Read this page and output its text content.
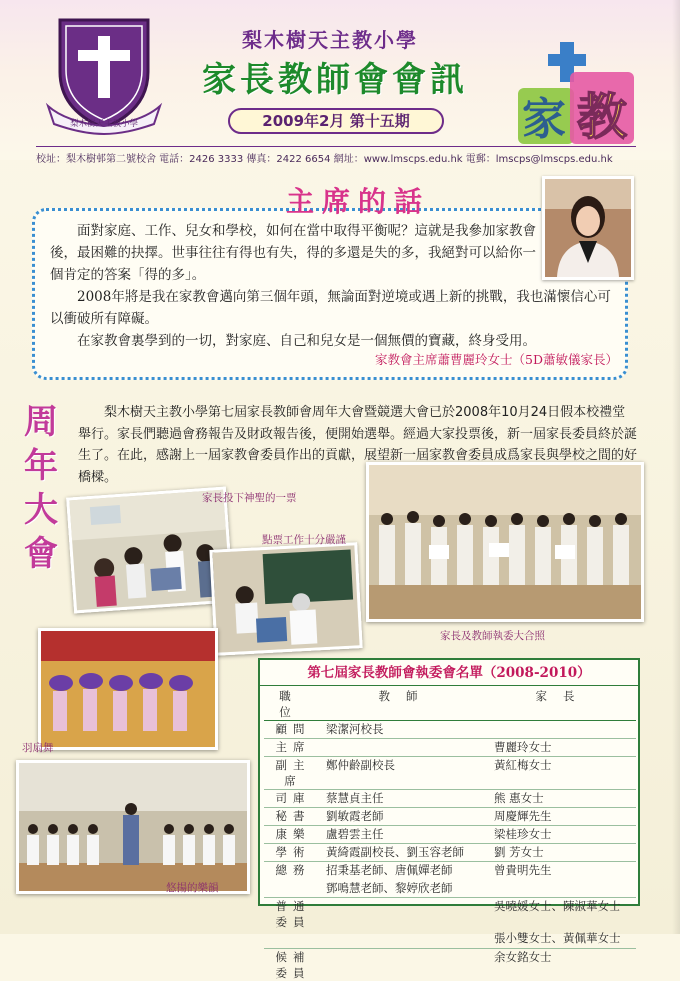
梨木樹天主教小學
梨木樹天主教小學
家長教師會會訊
2009年2月 第十五期	家 教
校址：梨木樹邨第二號校舍 電話：2426 3333 傳真：2422 6654 網址：www.lmscps.edu.hk 電郵：lmscps@lmscps.edu.hk
主席的話

面對家庭、工作、兒女和學校，如何在當中取得平衡呢？這就是我參加家教會後，最困難的抉擇。世事往往有得也有失，得的多還是失的多，我絕對可以給你一個肯定的答案「得的多」。

2008年將是我在家教會邁向第三個年頭，無論面對逆境或遇上新的挑戰，我也滿懷信心可以衝破所有障礙。

在家教會裏學到的一切，對家庭、自己和兒女是一個無價的寶藏，終身受用。

家教會主席蕭曹麗玲女士（5D蕭敏儀家長）
周
年
大
會
梨木樹天主教小學第七屆家長教師會周年大會暨競選大會已於2008年10月24日假本校禮堂舉行。家長們聽過會務報告及財政報告後，便開始選舉。經過大家投票後，新一屆家長委員終於誕生了。在此，感謝上一屆家教會委員作出的貢獻，展望新一屆家教會委員成爲家長與學校之間的好橋樑。
家長投下神聖的一票
點票工作十分嚴謹
家長及教師執委大合照
羽扇舞
悠揚的樂韻
第七屆家長教師會執委會名單（2008-2010）
職位	教師	家長
顧問	梁潔河校長	
主席		曹麗玲女士
副主席	鄭仲齡副校長	黃紅梅女士
司庫	蔡慧貞主任	熊 惠女士
秘書	劉敏霞老師	周慶輝先生
康樂	盧碧雲主任	梁桂珍女士
學術	黃綺霞副校長、劉玉容老師	劉 芳女士
總務	招秉基老師、唐佩嬋老師	曾貴明先生
	鄧鳴慧老師、黎婷欣老師	
普通委員		吳曉媛女士、陳淑華女士
		張小雙女士、黃佩華女士
候補委員		余女銘女士
